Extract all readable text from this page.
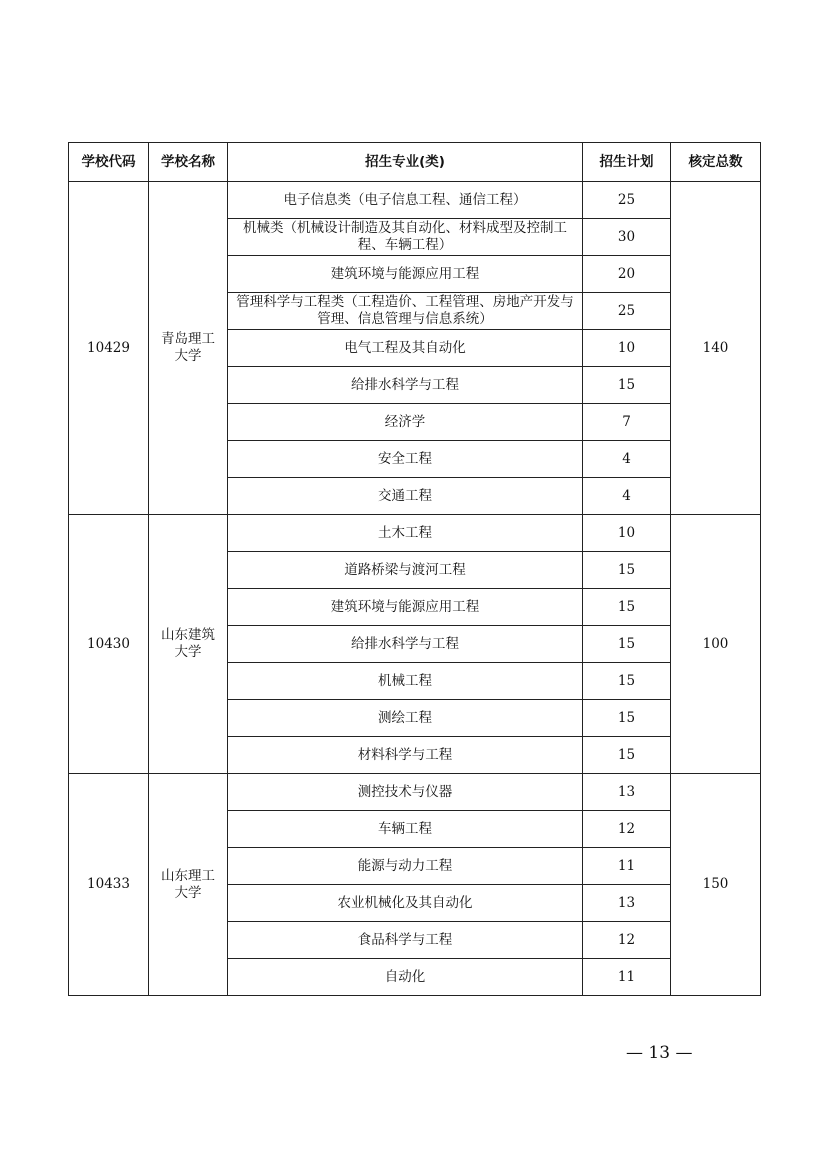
学校代码	学校名称	招生专业(类)	招生计划	核定总数
10429	青岛理工大学	电子信息类（电子信息工程、通信工程）	25	140
		机械类（机械设计制造及其自动化、材料成型及控制工程、车辆工程）	30	
		建筑环境与能源应用工程	20	
		管理科学与工程类（工程造价、工程管理、房地产开发与管理、信息管理与信息系统）	25	
		电气工程及其自动化	10	
		给排水科学与工程	15	
		经济学	7	
		安全工程	4	
		交通工程	4	
10430	山东建筑大学	土木工程	10	100
		道路桥梁与渡河工程	15	
		建筑环境与能源应用工程	15	
		给排水科学与工程	15	
		机械工程	15	
		测绘工程	15	
		材料科学与工程	15	
10433	山东理工大学	测控技术与仪器	13	150
		车辆工程	12	
		能源与动力工程	11	
		农业机械化及其自动化	13	
		食品科学与工程	12	
		自动化	11	
— 13 —
